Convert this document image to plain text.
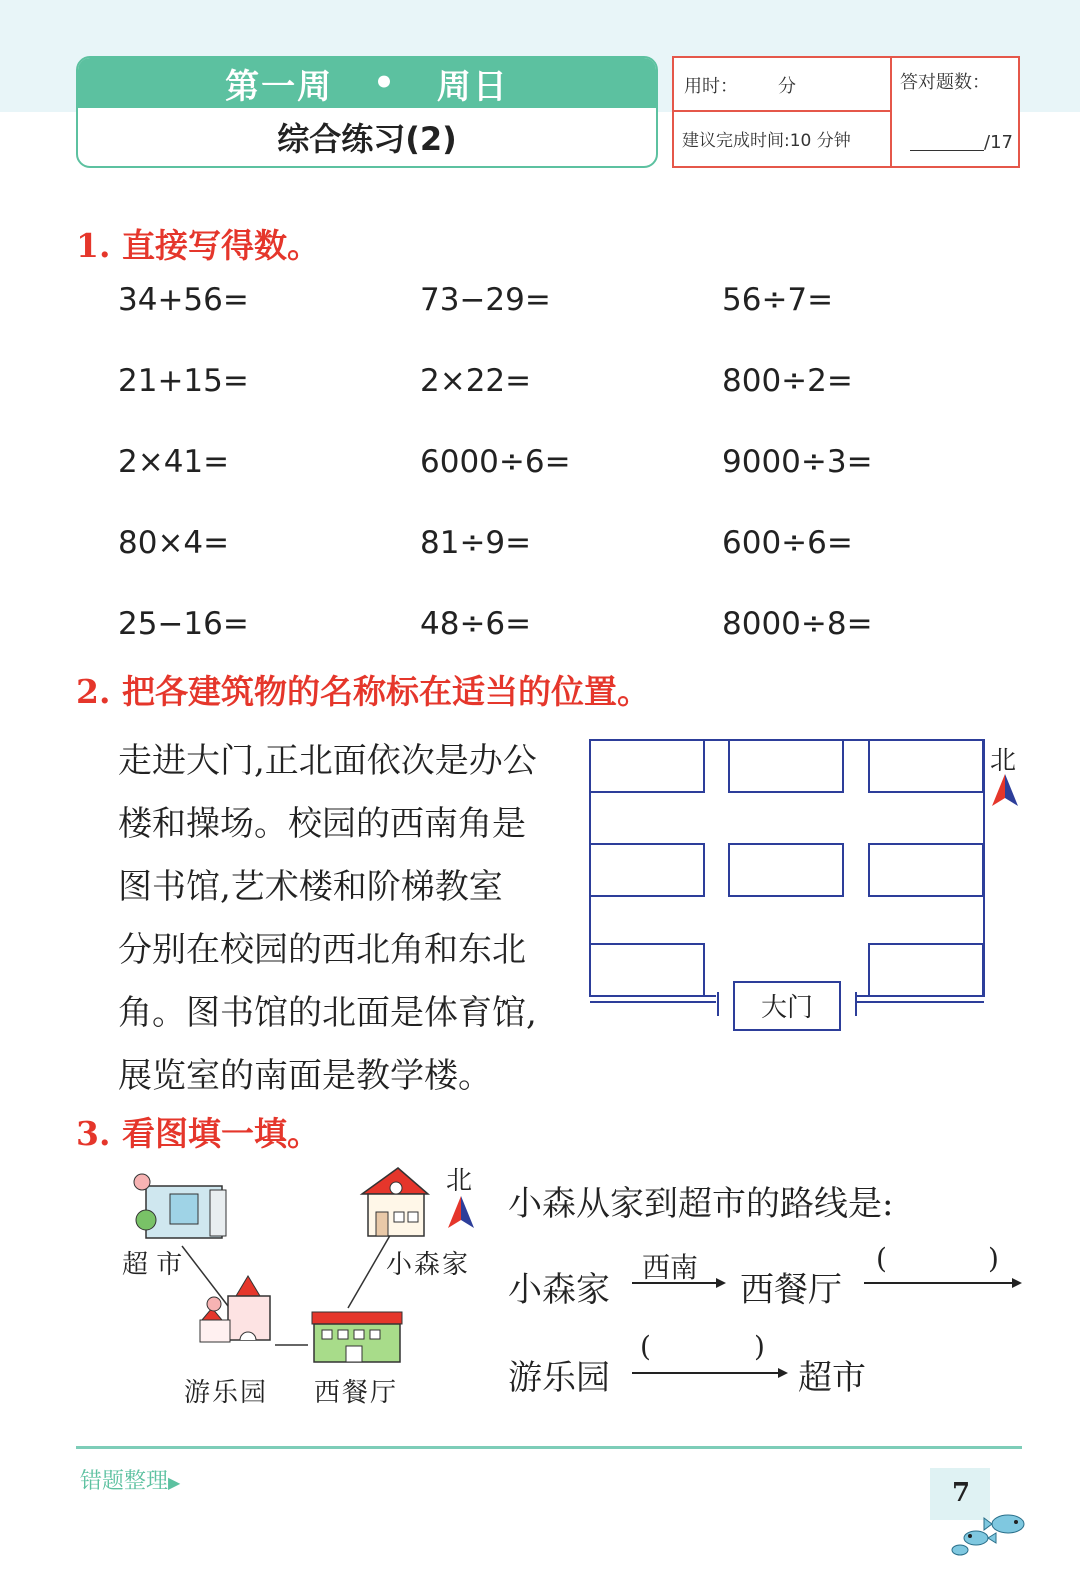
第一周 • 周日
综合练习(2)
用时： 分
建议完成时间:10 分钟
答对题数：
/17
1. 直接写得数。
34+56=	73−29=	56÷7=
21+15=	2×22=	800÷2=
2×41=	6000÷6=	9000÷3=
80×4=	81÷9=	600÷6=
25−16=	48÷6=	8000÷8=
2. 把各建筑物的名称标在适当的位置。
走进大门,正北面依次是办公
楼和操场。校园的西南角是
图书馆,艺术楼和阶梯教室
分别在校园的西北角和东北
角。图书馆的北面是体育馆,
展览室的南面是教学楼。
大门
北
3. 看图填一填。
超 市	小森家
游乐园 西餐厅
北
小森从家到超市的路线是:
小森家
西南
西餐厅
(	)
游乐园
(	)
超市
错题整理▶	7
